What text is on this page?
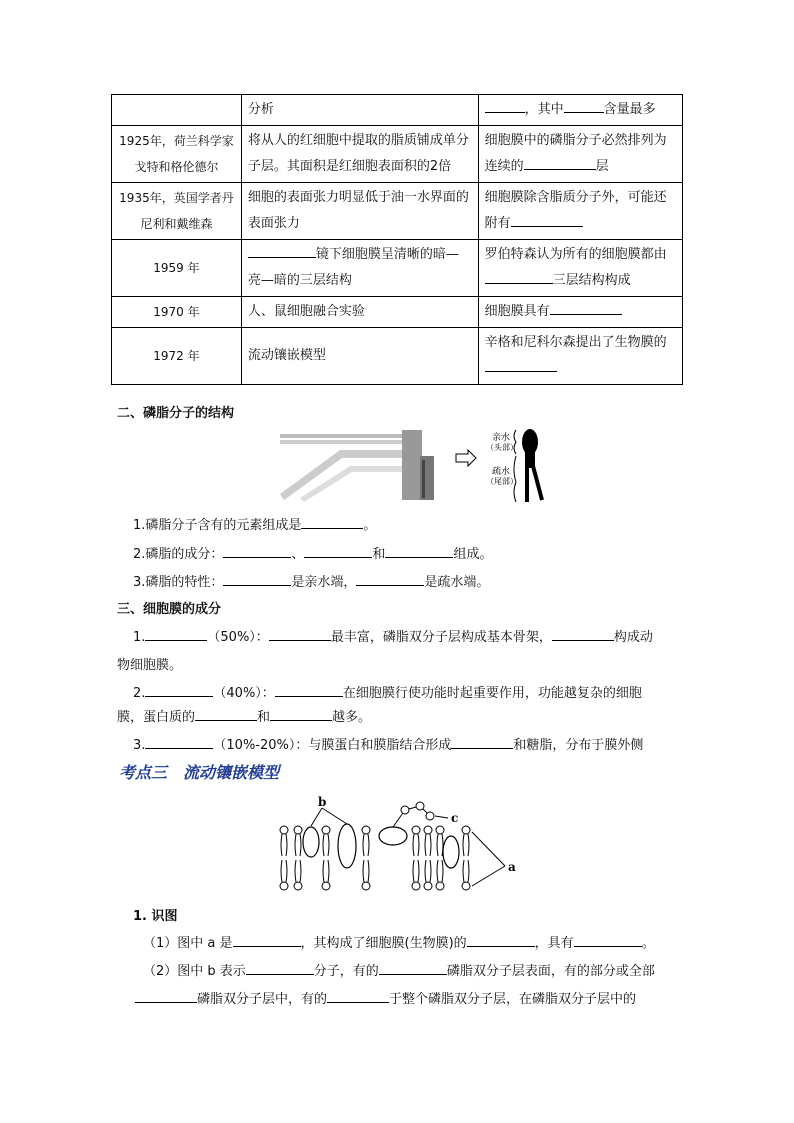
	分析	，其中 含量最多
1925年，荷兰科学家戈特和格伦德尔	将从人的红细胞中提取的脂质铺成单分子层。其面积是红细胞表面积的2倍	细胞膜中的磷脂分子必然排列为连续的 层
1935年，英国学者丹尼利和戴维森	细胞的表面张力明显低于油一水界面的表面张力	细胞膜除含脂质分子外，可能还附有
1959 年	镜下细胞膜呈清晰的暗—亮—暗的三层结构	罗伯特森认为所有的细胞膜都由三层结构构成
1970 年	人、鼠细胞融合实验	细胞膜具有
1972 年	流动镶嵌模型	辛格和尼科尔森提出了生物膜的
二、磷脂分子的结构
亲水
（头部）
疏水
（尾部）
1.磷脂分子含有的元素组成是	。
2.磷脂的成分：	、	和	组成。
3.磷脂的特性：	是亲水端，	是疏水端。
三、细胞膜的成分
1.	（50%）：	最丰富，磷脂双分子层构成基本骨架，	构成动
物细胞膜。
2.	（40%）：	在细胞膜行使功能时起重要作用，功能越复杂的细胞
膜，蛋白质的	和	越多。
3.	（10%-20%）：与膜蛋白和膜脂结合形成	和糖脂，分布于膜外侧
考点三　流动镶嵌模型
b
c
a
1. 识图
（1）图中 a 是	，其构成了细胞膜(生物膜)的	，具有	。
（2）图中 b 表示	分子，有的	磷脂双分子层表面，有的部分或全部
磷脂双分子层中，有的	于整个磷脂双分子层，在磷脂双分子层中的
